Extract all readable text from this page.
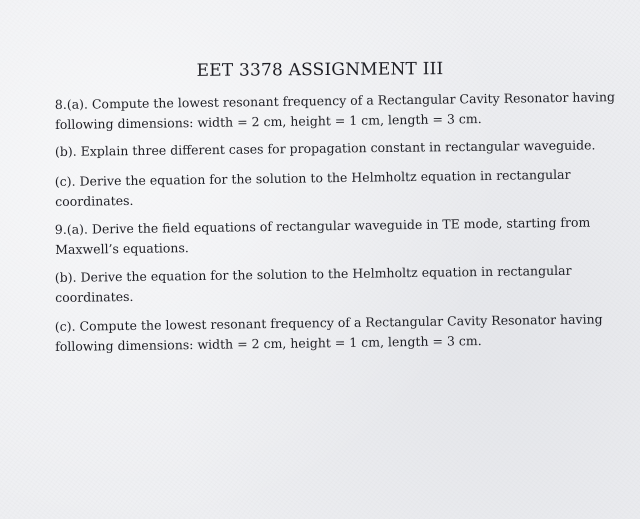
EET 3378 ASSIGNMENT III
8.(a). Compute the lowest resonant frequency of a Rectangular Cavity Resonator having
following dimensions: width = 2 cm, height = 1 cm, length = 3 cm.
(b). Explain three different cases for propagation constant in rectangular waveguide.
(c). Derive the equation for the solution to the Helmholtz equation in rectangular
coordinates.
9.(a). Derive the field equations of rectangular waveguide in TE mode, starting from
Maxwell’s equations.
(b). Derive the equation for the solution to the Helmholtz equation in rectangular
coordinates.
(c). Compute the lowest resonant frequency of a Rectangular Cavity Resonator having
following dimensions: width = 2 cm, height = 1 cm, length = 3 cm.
